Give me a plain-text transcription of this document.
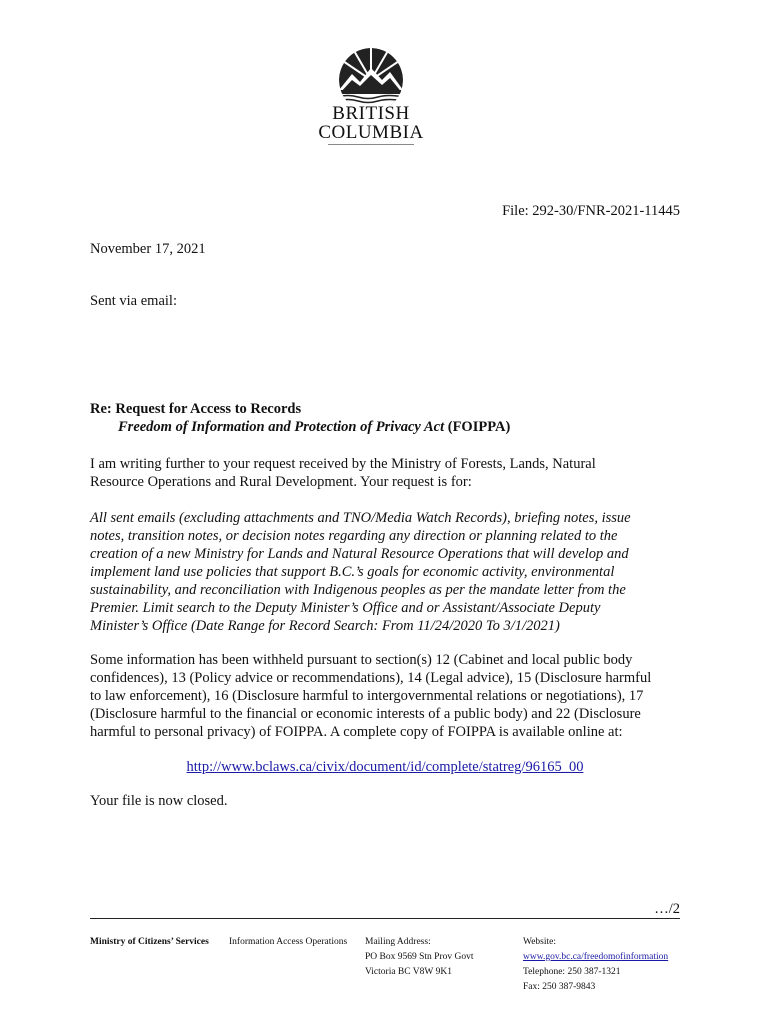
BRITISH
COLUMBIA
File: 292-30/FNR-2021-11445
November 17, 2021
Sent via email:
Re: Request for Access to Records
Freedom of Information and Protection of Privacy Act (FOIPPA)
I am writing further to your request received by the Ministry of Forests, Lands, Natural
Resource Operations and Rural Development. Your request is for:
All sent emails (excluding attachments and TNO/Media Watch Records), briefing notes, issue
notes, transition notes, or decision notes regarding any direction or planning related to the
creation of a new Ministry for Lands and Natural Resource Operations that will develop and
implement land use policies that support B.C.’s goals for economic activity, environmental
sustainability, and reconciliation with Indigenous peoples as per the mandate letter from the
Premier. Limit search to the Deputy Minister’s Office and or Assistant/Associate Deputy
Minister’s Office (Date Range for Record Search: From 11/24/2020 To 3/1/2021)
Some information has been withheld pursuant to section(s) 12 (Cabinet and local public body
confidences), 13 (Policy advice or recommendations), 14 (Legal advice), 15 (Disclosure harmful
to law enforcement), 16 (Disclosure harmful to intergovernmental relations or negotiations), 17
(Disclosure harmful to the financial or economic interests of a public body) and 22 (Disclosure
harmful to personal privacy) of FOIPPA. A complete copy of FOIPPA is available online at:
http://www.bclaws.ca/civix/document/id/complete/statreg/96165_00
Your file is now closed.
…/2
Ministry of Citizens’ Services Information Access Operations Mailing Address:
PO Box 9569 Stn Prov Govt
Victoria BC V8W 9K1
Website:
www.gov.bc.ca/freedomofinformation
Telephone: 250 387-1321
Fax: 250 387-9843
